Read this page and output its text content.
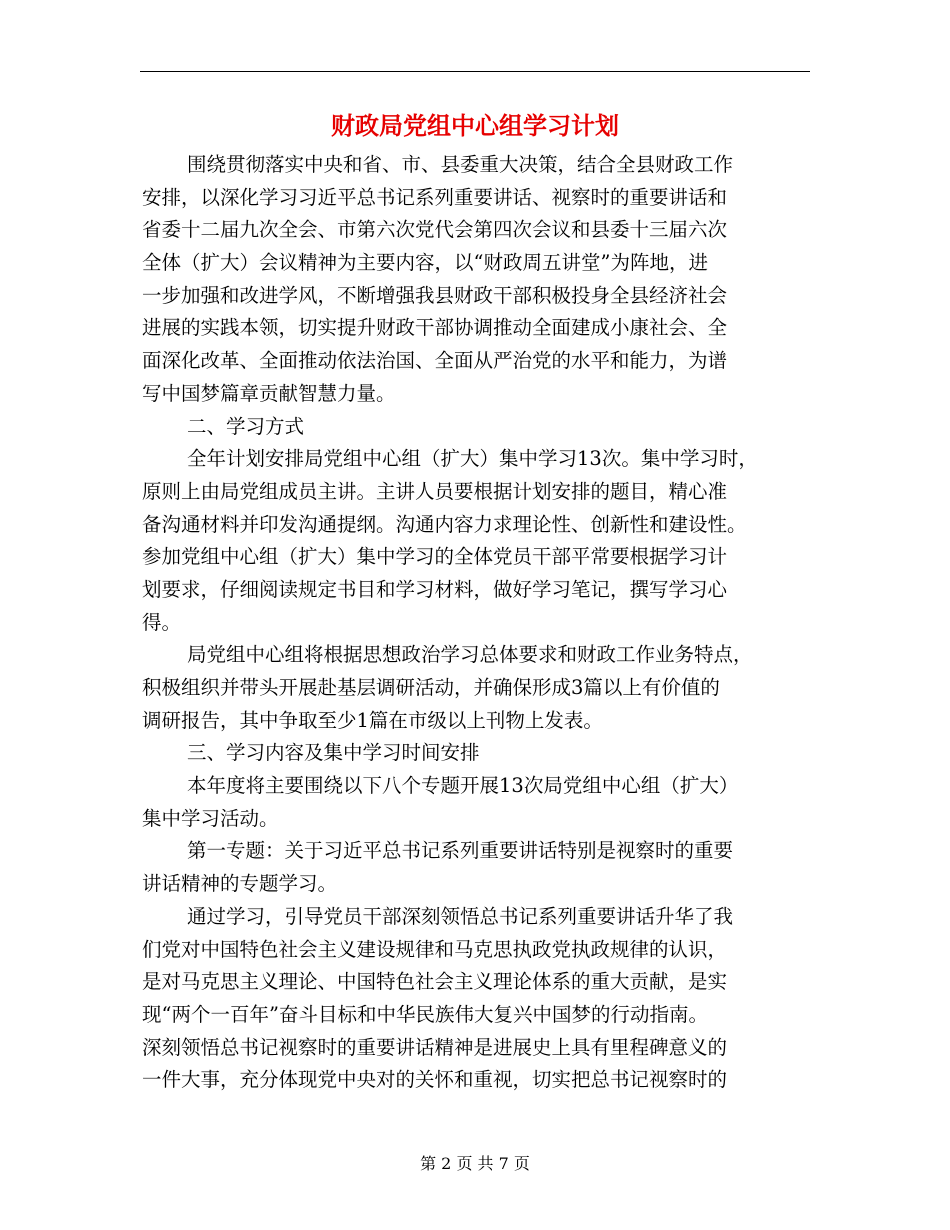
财政局党组中心组学习计划
围绕贯彻落实中央和省、市、县委重大决策，结合全县财政工作
安排，以深化学习习近平总书记系列重要讲话、视察时的重要讲话和
省委十二届九次全会、市第六次党代会第四次会议和县委十三届六次
全体（扩大）会议精神为主要内容，以“财政周五讲堂”为阵地，进
一步加强和改进学风，不断增强我县财政干部积极投身全县经济社会
进展的实践本领，切实提升财政干部协调推动全面建成小康社会、全
面深化改革、全面推动依法治国、全面从严治党的水平和能力，为谱
写中国梦篇章贡献智慧力量。
二、学习方式
全年计划安排局党组中心组（扩大）集中学习13次。集中学习时，
原则上由局党组成员主讲。主讲人员要根据计划安排的题目，精心准
备沟通材料并印发沟通提纲。沟通内容力求理论性、创新性和建设性。
参加党组中心组（扩大）集中学习的全体党员干部平常要根据学习计
划要求，仔细阅读规定书目和学习材料，做好学习笔记，撰写学习心
得。
局党组中心组将根据思想政治学习总体要求和财政工作业务特点，
积极组织并带头开展赴基层调研活动，并确保形成3篇以上有价值的
调研报告，其中争取至少1篇在市级以上刊物上发表。
三、学习内容及集中学习时间安排
本年度将主要围绕以下八个专题开展13次局党组中心组（扩大）
集中学习活动。
第一专题：关于习近平总书记系列重要讲话特别是视察时的重要
讲话精神的专题学习。
通过学习，引导党员干部深刻领悟总书记系列重要讲话升华了我
们党对中国特色社会主义建设规律和马克思执政党执政规律的认识，
是对马克思主义理论、中国特色社会主义理论体系的重大贡献，是实
现“两个一百年”奋斗目标和中华民族伟大复兴中国梦的行动指南。
深刻领悟总书记视察时的重要讲话精神是进展史上具有里程碑意义的
一件大事，充分体现党中央对的关怀和重视，切实把总书记视察时的
第 2 页 共 7 页
